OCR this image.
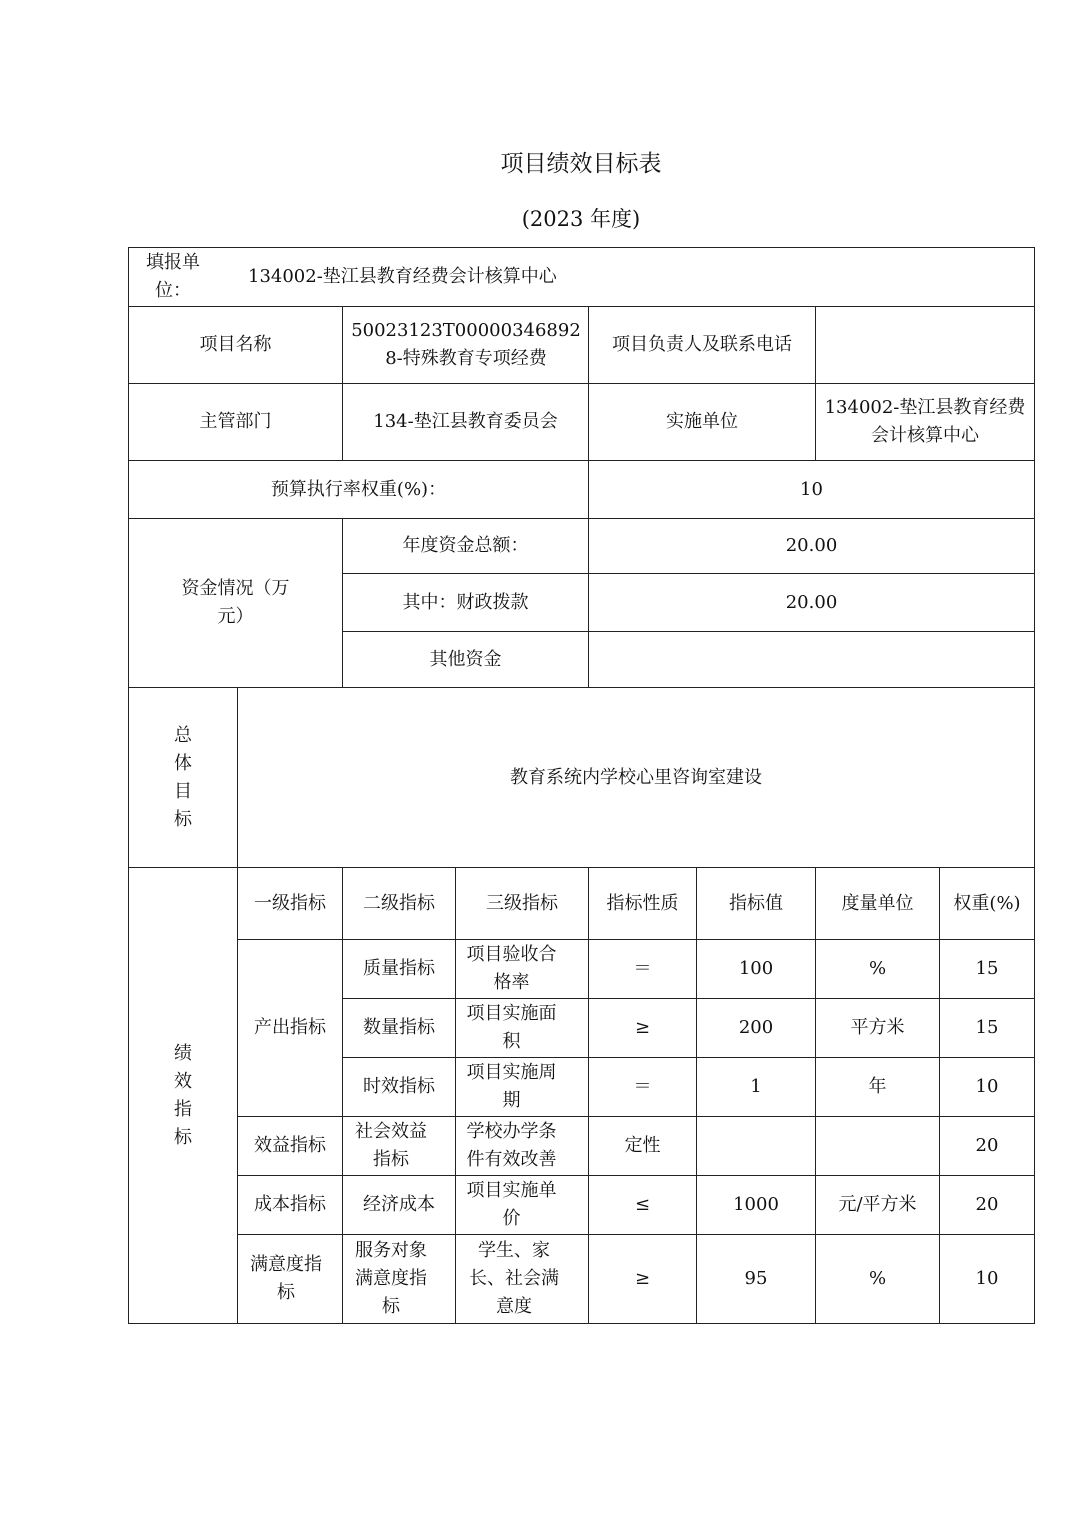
项目绩效目标表
(2023 年度)
填报单位：
134002-垫江县教育经费会计核算中心							

项目名称		50023123T000003468928-特殊教育专项经费		项目负责人及联系电话			
主管部门		134-垫江县教育委员会		实施单位		134002-垫江县教育经费会计核算中心	
预算执行率权重(%)：				10			

资金情况（万元）		年度资金总额：		20.00			
		其中：财政拨款		20.00			
		其他资金					

总体目标	教育系统内学校心里咨询室建设						

绩效指标	一级指标	二级指标	三级指标	指标性质	指标值	度量单位	权重(%)
	产出指标	质量指标	项目验收合格率	＝	100	%	15
		数量指标	项目实施面积	≥	200	平方米	15
		时效指标	项目实施周期	＝	1	年	10
	效益指标	社会效益指标	学校办学条件有效改善	定性			20
	成本指标	经济成本	项目实施单价	≤	1000	元/平方米	20

	满意度指标	服务对象满意度指标	学生、家长、社会满意度	≥	95	%	10
